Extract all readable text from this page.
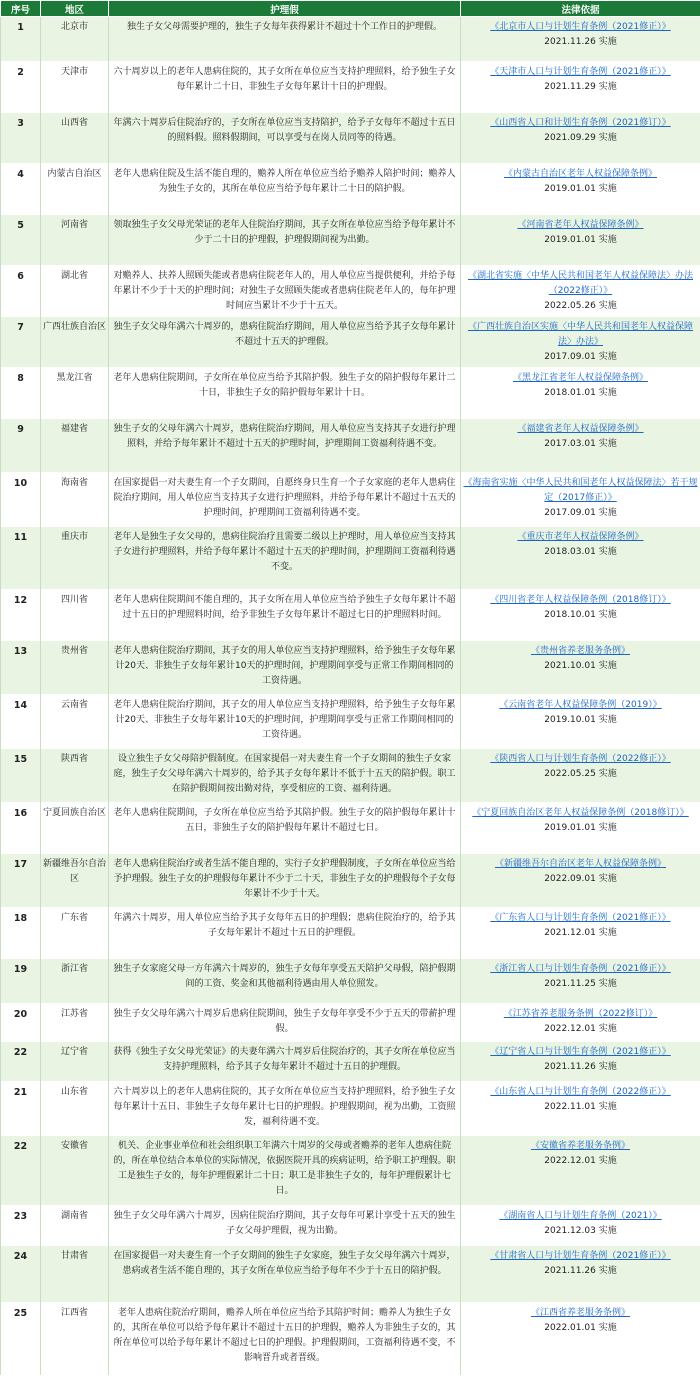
序号	地区	护理假	法律依据
1	北京市	独生子女父母需要护理的，独生子女每年获得累计不超过十个工作日的护理假。	《北京市人口与计划生育条例（2021修正）》
2021.11.26 实施
2	天津市	六十周岁以上的老年人患病住院的，其子女所在单位应当支持护理照料，给予独生子女每年累计二十日、非独生子女每年累计十日的护理假。	《天津市人口与计划生育条例（2021修正）》
2021.11.29 实施
3	山西省	年满六十周岁后住院治疗的，子女所在单位应当支持陪护，给予子女每年不超过十五日的照料假。照料假期间，可以享受与在岗人员同等的待遇。	《山西省人口和计划生育条例（2021修订）》
2021.09.29 实施
4	内蒙古自治区	老年人患病住院及生活不能自理的，赡养人所在单位应当给予赡养人陪护时间；赡养人为独生子女的，其所在单位应当给予每年累计二十日的陪护假。	《内蒙古自治区老年人权益保障条例》
2019.01.01 实施
5	河南省	领取独生子女父母光荣证的老年人住院治疗期间，其子女所在单位应当给予每年累计不少于二十日的护理假，护理假期间视为出勤。	《河南省老年人权益保障条例》
2019.01.01 实施
6	湖北省	对赡养人、扶养人照顾失能或者患病住院老年人的，用人单位应当提供便利，并给予每年累计不少于十天的护理时间；对独生子女照顾失能或者患病住院老年人的，每年护理时间应当累计不少于十五天。	《湖北省实施〈中华人民共和国老年人权益保障法〉办法（2022修正）》
2022.05.26 实施
7	广西壮族自治区	独生子女父母年满六十周岁的，患病住院治疗期间，用人单位应当给予其子女每年累计不超过十五天的护理假。	《广西壮族自治区实施〈中华人民共和国老年人权益保障法〉办法》
2017.09.01 实施
8	黑龙江省	老年人患病住院期间，子女所在单位应当给予其陪护假。独生子女的陪护假每年累计二十日，非独生子女的陪护假每年累计十日。	《黑龙江省老年人权益保障条例》
2018.01.01 实施
9	福建省	独生子女的父母年满六十周岁，患病住院治疗期间，用人单位应当支持其子女进行护理照料，并给予每年累计不超过十五天的护理时间，护理期间工资福利待遇不变。	《福建省老年人权益保障条例》
2017.03.01 实施
10	海南省	在国家提倡一对夫妻生育一个子女期间，自愿终身只生育一个子女家庭的老年人患病住院治疗期间，用人单位应当支持其子女进行护理照料，并给予每年累计不超过十五天的护理时间，护理期间工资福利待遇不变。	《海南省实施〈中华人民共和国老年人权益保障法〉若干规定（2017修正）》
2017.09.01 实施
11	重庆市	老年人是独生子女父母的，患病住院治疗且需要二级以上护理时，用人单位应当支持其子女进行护理照料，并给予每年累计不超过十五天的护理时间，护理期间工资福利待遇不变。	《重庆市老年人权益保障条例》
2018.03.01 实施
12	四川省	老年人患病住院期间不能自理的，其子女所在用人单位应当给予独生子女每年累计不超过十五日的护理照料时间，给予非独生子女每年累计不超过七日的护理照料时间。	《四川省老年人权益保障条例（2018修订）》
2018.10.01 实施
13	贵州省	老年人患病住院治疗期间，其子女的用人单位应当支持护理照料，给予独生子女每年累计20天、非独生子女每年累计10天的护理时间，护理期间享受与正常工作期间相同的工资待遇。	《贵州省养老服务条例》
2021.10.01 实施
14	云南省	老年人患病住院治疗期间，其子女的用人单位应当支持护理照料，给予独生子女每年累计20天、非独生子女每年累计10天的护理时间，护理期间享受与正常工作期间相同的工资待遇。	《云南省老年人权益保障条例（2019）》
2019.10.01 实施
15	陕西省	设立独生子女父母陪护假制度。在国家提倡一对夫妻生育一个子女期间的独生子女家庭，独生子女父母年满六十周岁的，给予其子女每年累计不低于十五天的陪护假。职工在陪护假期间按出勤对待，享受相应的工资、福利待遇。	《陕西省人口与计划生育条例（2022修正）》
2022.05.25 实施
16	宁夏回族自治区	老年人患病住院期间，子女所在单位应当给予其陪护假。独生子女的陪护假每年累计十五日，非独生子女的陪护假每年累计不超过七日。	《宁夏回族自治区老年人权益保障条例（2018修订）》
2019.01.01 实施
17	新疆维吾尔自治区	老年人患病住院治疗或者生活不能自理的，实行子女护理假制度，子女所在单位应当给予护理假。独生子女的护理假每年累计不少于二十天，非独生子女的护理假每个子女每年累计不少于十天。	《新疆维吾尔自治区老年人权益保障条例》
2022.09.01 实施
18	广东省	年满六十周岁，用人单位应当给予其子女每年五日的护理假；患病住院治疗的，给予其子女每年累计不超过十五日的护理假。	《广东省人口与计划生育条例（2021修正）》
2021.12.01 实施
19	浙江省	独生子女家庭父母一方年满六十周岁的，独生子女每年享受五天陪护父母假，陪护假期间的工资、奖金和其他福利待遇由用人单位照发。	《浙江省人口与计划生育条例（2021修正）》
2021.11.25 实施
20	江苏省	独生子女父母年满六十周岁后患病住院期间，独生子女每年享受不少于五天的带薪护理假。	《江苏省养老服务条例（2022修订）》
2022.12.01 实施
22	辽宁省	获得《独生子女父母光荣证》的夫妻年满六十周岁后住院治疗的，其子女所在单位应当支持护理照料，给予其子女每年累计不超过十五日的护理假。	《辽宁省人口与计划生育条例（2021修正）》
2021.11.26 实施
21	山东省	六十周岁以上的老年人患病住院的，其子女所在单位应当支持护理照料，给予独生子女每年累计十五日、非独生子女每年累计七日的护理假。护理假期间，视为出勤，工资照发，福利待遇不变。	《山东省人口与计划生育条例（2022修正）》
2022.11.01 实施
22	安徽省	机关、企业事业单位和社会组织职工年满六十周岁的父母或者赡养的老年人患病住院的，所在单位结合本单位的实际情况，依据医院开具的疾病证明，给予职工护理假。职工是独生子女的，每年护理假累计二十日；职工是非独生子女的，每年护理假累计七日。	《安徽省养老服务条例》
2022.12.01 实施
23	湖南省	独生子女父母年满六十周岁，因病住院治疗期间，其子女每年可累计享受十五天的独生子女父母护理假，视为出勤。	《湖南省人口与计划生育条例（2021）》
2021.12.03 实施
24	甘肃省	在国家提倡一对夫妻生育一个子女期间的独生子女家庭，独生子女父母年满六十周岁，患病或者生活不能自理的，其子女所在单位应当给予每年不少于十五日的陪护假。	《甘肃省人口与计划生育条例（2021修正）》
2021.11.26 实施
25	江西省	老年人患病住院治疗期间，赡养人所在单位应当给予其陪护时间；赡养人为独生子女的，其所在单位可以给予每年累计不超过十五日的护理假，赡养人为非独生子女的，其所在单位可以给予每年累计不超过七日的护理假。护理假期间，工资福利待遇不变，不影响晋升或者晋级。	《江西省养老服务条例》
2022.01.01 实施
